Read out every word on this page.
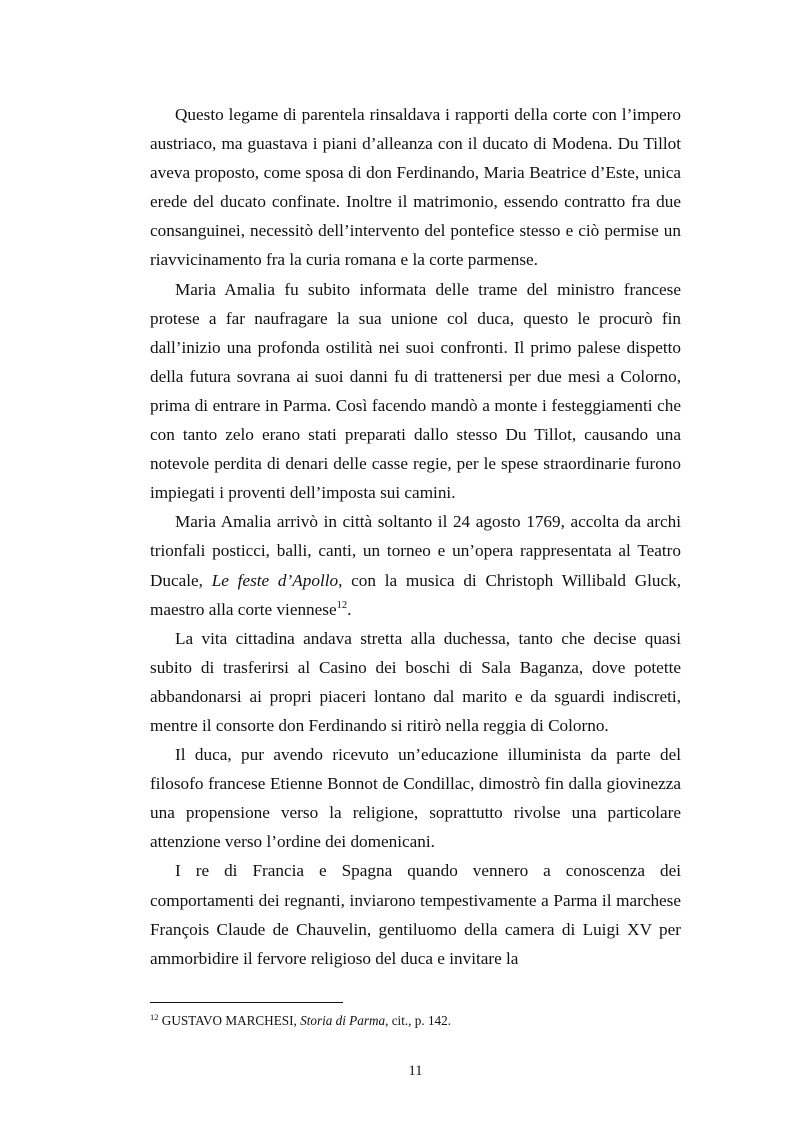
Questo legame di parentela rinsaldava i rapporti della corte con l’impero austriaco, ma guastava i piani d’alleanza con il ducato di Modena. Du Tillot aveva proposto, come sposa di don Ferdinando, Maria Beatrice d’Este, unica erede del ducato confinate. Inoltre il matrimonio, essendo contratto fra due consanguinei, necessitò dell’intervento del pontefice stesso e ciò permise un riavvicinamento fra la curia romana e la corte parmense.

Maria Amalia fu subito informata delle trame del ministro francese protese a far naufragare la sua unione col duca, questo le procurò fin dall’inizio una profonda ostilità nei suoi confronti. Il primo palese dispetto della futura sovrana ai suoi danni fu di trattenersi per due mesi a Colorno, prima di entrare in Parma. Così facendo mandò a monte i festeggiamenti che con tanto zelo erano stati preparati dallo stesso Du Tillot, causando una notevole perdita di denari delle casse regie, per le spese straordinarie furono impiegati i proventi dell’imposta sui camini.

Maria Amalia arrivò in città soltanto il 24 agosto 1769, accolta da archi trionfali posticci, balli, canti, un torneo e un’opera rappresentata al Teatro Ducale, Le feste d’Apollo, con la musica di Christoph Willibald Gluck, maestro alla corte viennese$^{12}$.

La vita cittadina andava stretta alla duchessa, tanto che decise quasi subito di trasferirsi al Casino dei boschi di Sala Baganza, dove potette abbandonarsi ai propri piaceri lontano dal marito e da sguardi indiscreti, mentre il consorte don Ferdinando si ritirò nella reggia di Colorno.

Il duca, pur avendo ricevuto un’educazione illuminista da parte del filosofo francese Etienne Bonnot de Condillac, dimostrò fin dalla giovinezza una propensione verso la religione, soprattutto rivolse una particolare attenzione verso l’ordine dei domenicani.

I re di Francia e Spagna quando vennero a conoscenza dei comportamenti dei regnanti, inviarono tempestivamente a Parma il marchese François Claude de Chauvelin, gentiluomo della camera di Luigi XV per ammorbidire il fervore religioso del duca e invitare la

$^{12}$ GUSTAVO MARCHESI, Storia di Parma, cit., p. 142.
11
